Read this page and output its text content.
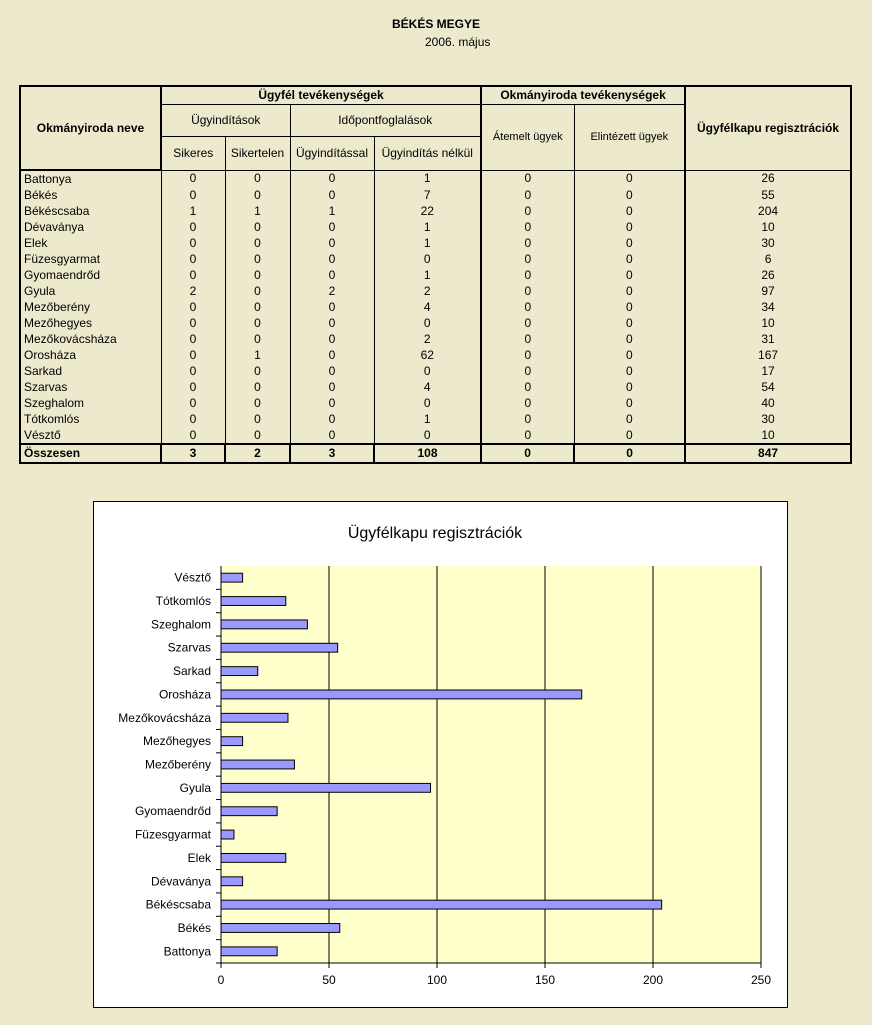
BÉKÉS MEGYE
2006. május
Okmányiroda neve	Ügyfél tevékenységek				Okmányiroda tevékenységek		Ügyfélkapu regisztrációk
	Ügyindítások		Időpontfoglalások		Átemelt ügyek	Elintézett ügyek	
	Sikeres	Sikertelen	Ügyindítással	Ügyindítás nélkül			
Battonya	0	0	0	1	0	0	26
Békés	0	0	0	7	0	0	55
Békéscsaba	1	1	1	22	0	0	204
Dévaványa	0	0	0	1	0	0	10
Elek	0	0	0	1	0	0	30
Füzesgyarmat	0	0	0	0	0	0	6
Gyomaendrőd	0	0	0	1	0	0	26
Gyula	2	0	2	2	0	0	97
Mezőberény	0	0	0	4	0	0	34
Mezőhegyes	0	0	0	0	0	0	10
Mezőkovácsháza	0	0	0	2	0	0	31
Orosháza	0	1	0	62	0	0	167
Sarkad	0	0	0	0	0	0	17
Szarvas	0	0	0	4	0	0	54
Szeghalom	0	0	0	0	0	0	40
Tótkomlós	0	0	0	1	0	0	30
Vésztő	0	0	0	0	0	0	10
Összesen	3	2	3	108	0	0	847
Ügyfélkapu regisztrációk
0	50	100	150	200	250
Battonya
Békés
Békéscsaba
Dévaványa
Elek
Füzesgyarmat
Gyomaendrőd
Gyula
Mezőberény
Mezőhegyes
Mezőkovácsháza
Orosháza
Sarkad
Szarvas
Szeghalom
Tótkomlós
Vésztő
